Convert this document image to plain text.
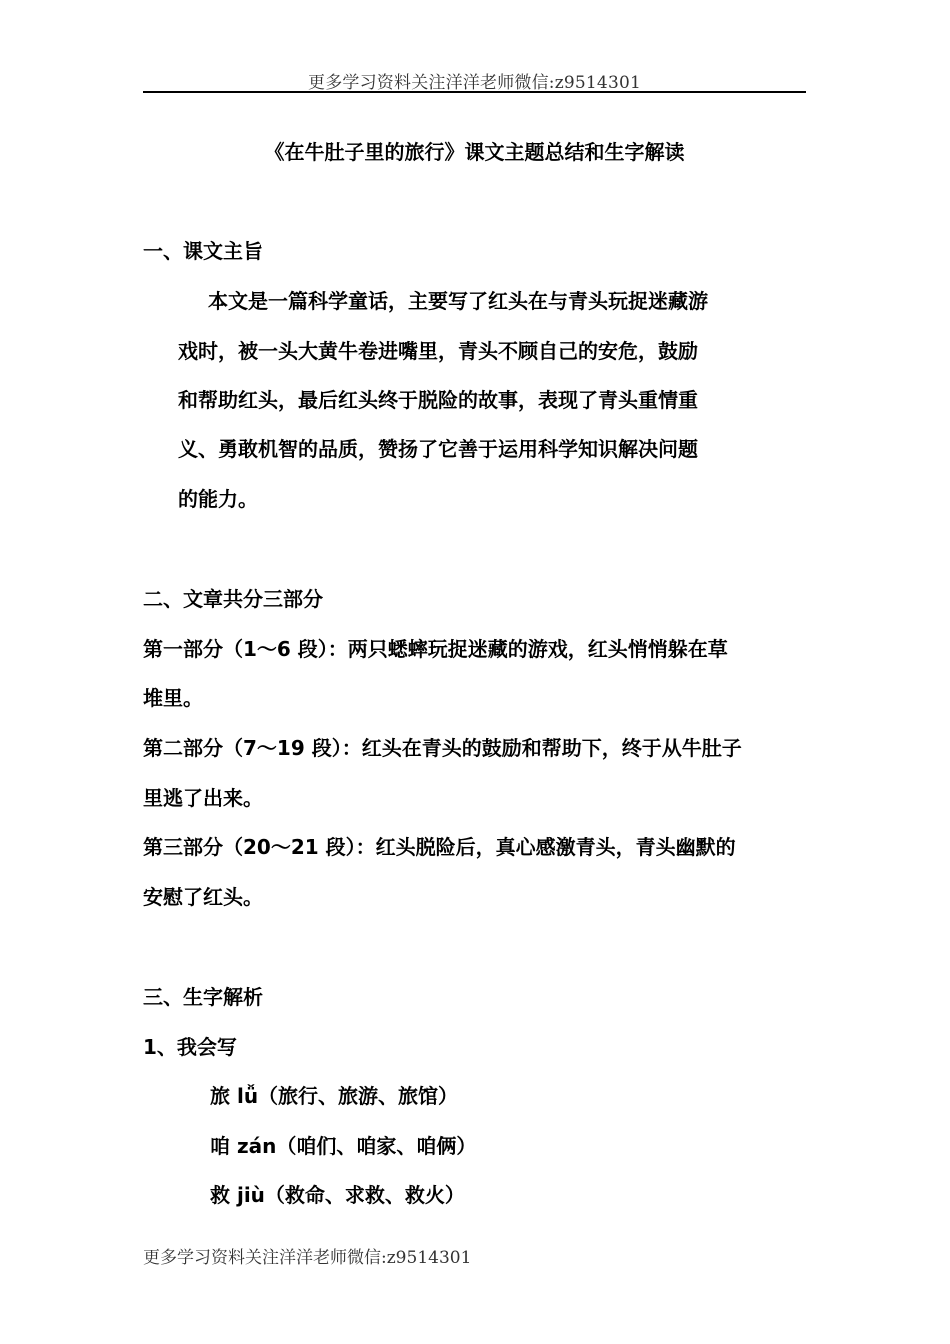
更多学习资料关注洋洋老师微信:z9514301
《在牛肚子里的旅行》课文主题总结和生字解读
一、课文主旨
本文是一篇科学童话，主要写了红头在与青头玩捉迷藏游
戏时，被一头大黄牛卷进嘴里，青头不顾自己的安危，鼓励
和帮助红头，最后红头终于脱险的故事，表现了青头重情重
义、勇敢机智的品质，赞扬了它善于运用科学知识解决问题
的能力。
二、文章共分三部分
第一部分（1～6 段）：两只蟋蟀玩捉迷藏的游戏，红头悄悄躲在草
堆里。
第二部分（7～19 段）：红头在青头的鼓励和帮助下，终于从牛肚子
里逃了出来。
第三部分（20～21 段）：红头脱险后，真心感激青头，青头幽默的
安慰了红头。
三、生字解析
1、我会写
旅 lǚ（旅行、旅游、旅馆）
咱 zán（咱们、咱家、咱俩）
救 jiù（救命、求救、救火）
更多学习资料关注洋洋老师微信:z9514301
